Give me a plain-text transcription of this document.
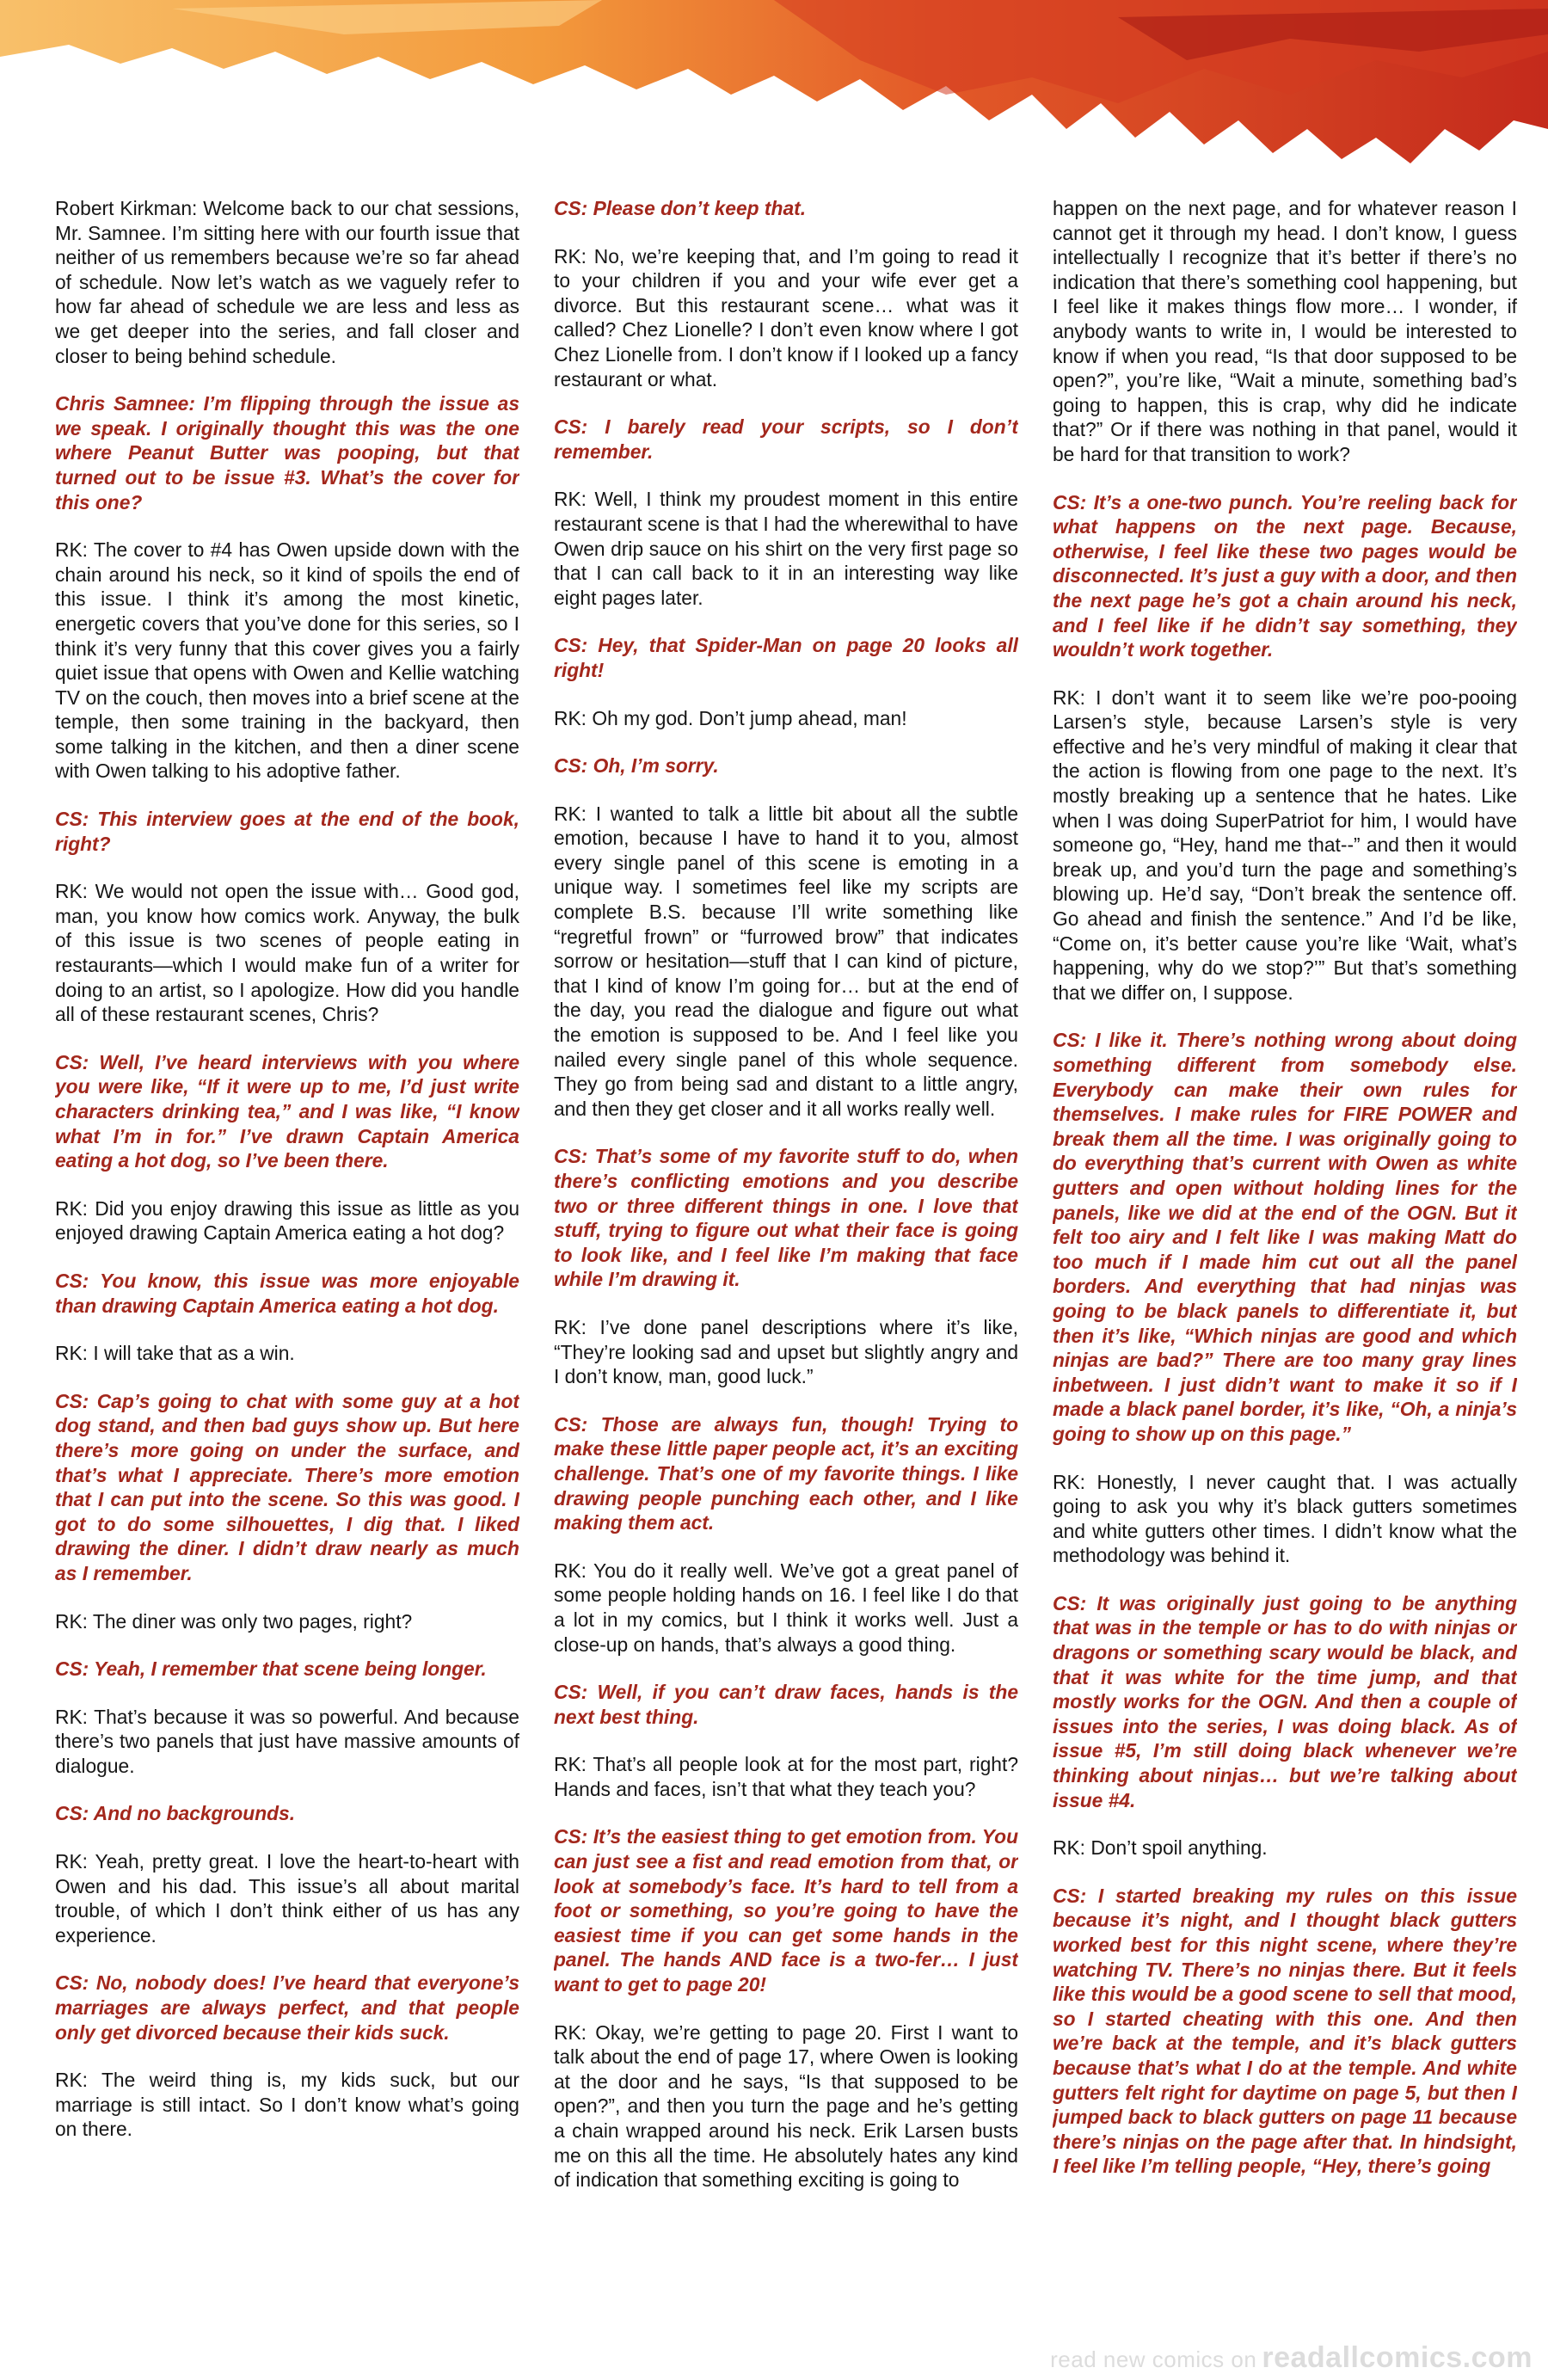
Robert Kirkman: Welcome back to our chat sessions, Mr. Samnee. I’m sitting here with our fourth issue that neither of us remembers because we’re so far ahead of schedule. Now let’s watch as we vaguely refer to how far ahead of schedule we are less and less as we get deeper into the series, and fall closer and closer to being behind schedule.

Chris Samnee: I’m flipping through the issue as we speak. I originally thought this was the one where Peanut Butter was pooping, but that turned out to be issue #3. What’s the cover for this one?

RK: The cover to #4 has Owen upside down with the chain around his neck, so it kind of spoils the end of this issue. I think it’s among the most kinetic, energetic covers that you’ve done for this series, so I think it’s very funny that this cover gives you a fairly quiet issue that opens with Owen and Kellie watching TV on the couch, then moves into a brief scene at the temple, then some training in the backyard, then some talking in the kitchen, and then a diner scene with Owen talking to his adoptive father.

CS: This interview goes at the end of the book, right?

RK: We would not open the issue with… Good god, man, you know how comics work. Anyway, the bulk of this issue is two scenes of people eating in restaurants—which I would make fun of a writer for doing to an artist, so I apologize. How did you handle all of these restaurant scenes, Chris?

CS: Well, I’ve heard interviews with you where you were like, “If it were up to me, I’d just write characters drinking tea,” and I was like, “I know what I’m in for.” I’ve drawn Captain America eating a hot dog, so I’ve been there.

RK: Did you enjoy drawing this issue as little as you enjoyed drawing Captain America eating a hot dog?

CS: You know, this issue was more enjoyable than drawing Captain America eating a hot dog.

RK: I will take that as a win.

CS: Cap’s going to chat with some guy at a hot dog stand, and then bad guys show up. But here there’s more going on under the surface, and that’s what I appreciate. There’s more emotion that I can put into the scene. So this was good. I got to do some silhouettes, I dig that. I liked drawing the diner. I didn’t draw nearly as much as I remember.

RK: The diner was only two pages, right?

CS: Yeah, I remember that scene being longer.

RK: That’s because it was so powerful. And because there’s two panels that just have massive amounts of dialogue.

CS: And no backgrounds.

RK: Yeah, pretty great. I love the heart-to-heart with Owen and his dad. This issue’s all about marital trouble, of which I don’t think either of us has any experience.

CS: No, nobody does! I’ve heard that everyone’s marriages are always perfect, and that people only get divorced because their kids suck.

RK: The weird thing is, my kids suck, but our marriage is still intact. So I don’t know what’s going on there.

CS: Please don’t keep that.

RK: No, we’re keeping that, and I’m going to read it to your children if you and your wife ever get a divorce. But this restaurant scene… what was it called? Chez Lionelle? I don’t even know where I got Chez Lionelle from. I don’t know if I looked up a fancy restaurant or what.

CS: I barely read your scripts, so I don’t remember.

RK: Well, I think my proudest moment in this entire restaurant scene is that I had the wherewithal to have Owen drip sauce on his shirt on the very first page so that I can call back to it in an interesting way like eight pages later.

CS: Hey, that Spider-Man on page 20 looks all right!

RK: Oh my god. Don’t jump ahead, man!

CS: Oh, I’m sorry.

RK: I wanted to talk a little bit about all the subtle emotion, because I have to hand it to you, almost every single panel of this scene is emoting in a unique way. I sometimes feel like my scripts are complete B.S. because I’ll write something like “regretful frown” or “furrowed brow” that indicates sorrow or hesitation—stuff that I can kind of picture, that I kind of know I’m going for… but at the end of the day, you read the dialogue and figure out what the emotion is supposed to be. And I feel like you nailed every single panel of this whole sequence. They go from being sad and distant to a little angry, and then they get closer and it all works really well.

CS: That’s some of my favorite stuff to do, when there’s conflicting emotions and you describe two or three different things in one. I love that stuff, trying to figure out what their face is going to look like, and I feel like I’m making that face while I’m drawing it.

RK: I’ve done panel descriptions where it’s like, “They’re looking sad and upset but slightly angry and I don’t know, man, good luck.”

CS: Those are always fun, though! Trying to make these little paper people act, it’s an exciting challenge. That’s one of my favorite things. I like drawing people punching each other, and I like making them act.

RK: You do it really well. We’ve got a great panel of some people holding hands on 16. I feel like I do that a lot in my comics, but I think it works well. Just a close-up on hands, that’s always a good thing.

CS: Well, if you can’t draw faces, hands is the next best thing.

RK: That’s all people look at for the most part, right? Hands and faces, isn’t that what they teach you?

CS: It’s the easiest thing to get emotion from. You can just see a fist and read emotion from that, or look at somebody’s face. It’s hard to tell from a foot or something, so you’re going to have the easiest time if you can get some hands in the panel. The hands AND face is a two-fer… I just want to get to page 20!

RK: Okay, we’re getting to page 20. First I want to talk about the end of page 17, where Owen is looking at the door and he says, “Is that supposed to be open?”, and then you turn the page and he’s getting a chain wrapped around his neck. Erik Larsen busts me on this all the time. He absolutely hates any kind of indication that something exciting is going to

happen on the next page, and for whatever reason I cannot get it through my head. I don’t know, I guess intellectually I recognize that it’s better if there’s no indication that there’s something cool happening, but I feel like it makes things flow more… I wonder, if anybody wants to write in, I would be interested to know if when you read, “Is that door supposed to be open?”, you’re like, “Wait a minute, something bad’s going to happen, this is crap, why did he indicate that?” Or if there was nothing in that panel, would it be hard for that transition to work?

CS: It’s a one-two punch. You’re reeling back for what happens on the next page. Because, otherwise, I feel like these two pages would be disconnected. It’s just a guy with a door, and then the next page he’s got a chain around his neck, and I feel like if he didn’t say something, they wouldn’t work together.

RK: I don’t want it to seem like we’re poo-pooing Larsen’s style, because Larsen’s style is very effective and he’s very mindful of making it clear that the action is flowing from one page to the next. It’s mostly breaking up a sentence that he hates. Like when I was doing SuperPatriot for him, I would have someone go, “Hey, hand me that--” and then it would break up, and you’d turn the page and something’s blowing up. He’d say, “Don’t break the sentence off. Go ahead and finish the sentence.” And I’d be like, “Come on, it’s better cause you’re like ‘Wait, what’s happening, why do we stop?’” But that’s something that we differ on, I suppose.

CS: I like it. There’s nothing wrong about doing something different from somebody else. Everybody can make their own rules for themselves. I make rules for FIRE POWER and break them all the time. I was originally going to do everything that’s current with Owen as white gutters and open without holding lines for the panels, like we did at the end of the OGN. But it felt too airy and I felt like I was making Matt do too much if I made him cut out all the panel borders. And everything that had ninjas was going to be black panels to differentiate it, but then it’s like, “Which ninjas are good and which ninjas are bad?” There are too many gray lines inbetween. I just didn’t want to make it so if I made a black panel border, it’s like, “Oh, a ninja’s going to show up on this page.”

RK: Honestly, I never caught that. I was actually going to ask you why it’s black gutters sometimes and white gutters other times. I didn’t know what the methodology was behind it.

CS: It was originally just going to be anything that was in the temple or has to do with ninjas or dragons or something scary would be black, and that it was white for the time jump, and that mostly works for the OGN. And then a couple of issues into the series, I was doing black. As of issue #5, I’m still doing black whenever we’re thinking about ninjas… but we’re talking about issue #4.

RK: Don’t spoil anything.

CS: I started breaking my rules on this issue because it’s night, and I thought black gutters worked best for this night scene, where they’re watching TV. There’s no ninjas there. But it feels like this would be a good scene to sell that mood, so I started cheating with this one. And then we’re back at the temple, and it’s black gutters because that’s what I do at the temple. And white gutters felt right for daytime on page 5, but then I jumped back to black gutters on page 11 because there’s ninjas on the page after that. In hindsight, I feel like I’m telling people, “Hey, there’s going

read new comics on readallcomics.com
